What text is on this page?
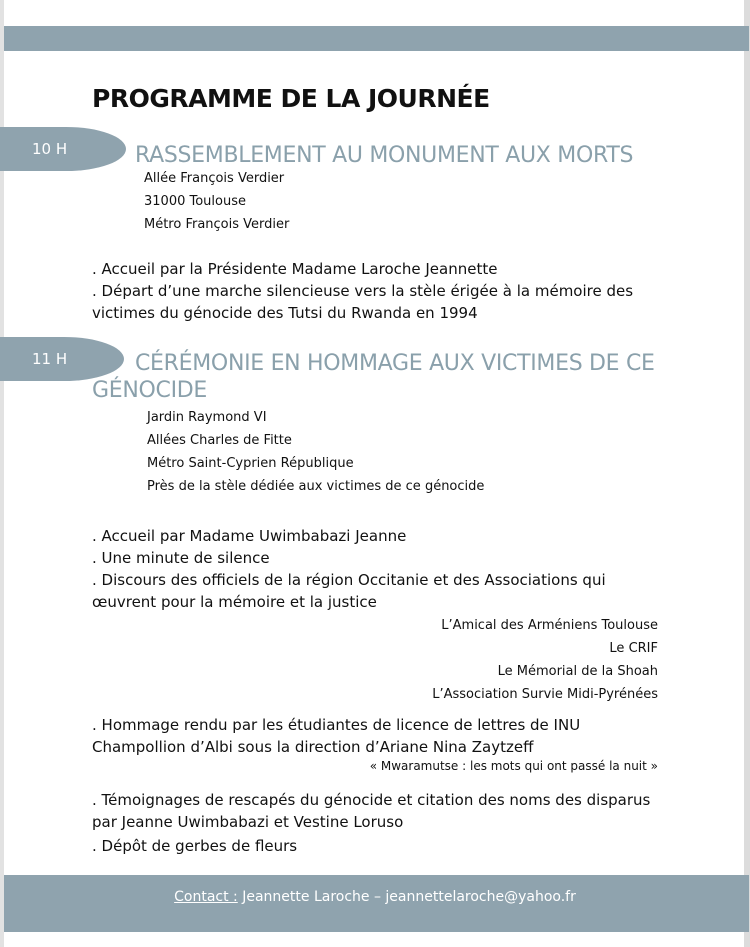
PROGRAMME DE LA JOURNÉE
10 H	RASSEMBLEMENT AU MONUMENT AUX MORTS
Allée François Verdier
31000 Toulouse
Métro François Verdier

. Accueil par la Présidente Madame Laroche Jeannette

. Départ d’une marche silencieuse vers la stèle érigée à la mémoire des victimes du génocide des Tutsi du Rwanda en 1994

11 H	CÉRÉMONIE EN HOMMAGE AUX VICTIMES DE CE GÉNOCIDE
Jardin Raymond VI
Allées Charles de Fitte
Métro Saint-Cyprien République
Près de la stèle dédiée aux victimes de ce génocide

. Accueil par Madame Uwimbabazi Jeanne

. Une minute de silence

. Discours des officiels de la région Occitanie et des Associations qui œuvrent pour la mémoire et la justice

L’Amical des Arméniens Toulouse
Le CRIF
Le Mémorial de la Shoah
L’Association Survie Midi-Pyrénées
. Hommage rendu par les étudiantes de licence de lettres de INU Champollion d’Albi sous la direction d’Ariane Nina Zaytzeff
« Mwaramutse : les mots qui ont passé la nuit »

. Témoignages de rescapés du génocide et citation des noms des disparus par Jeanne Uwimbabazi et Vestine Loruso

. Dépôt de gerbes de fleurs

Contact : Jeannette Laroche – jeannettelaroche@yahoo.fr
